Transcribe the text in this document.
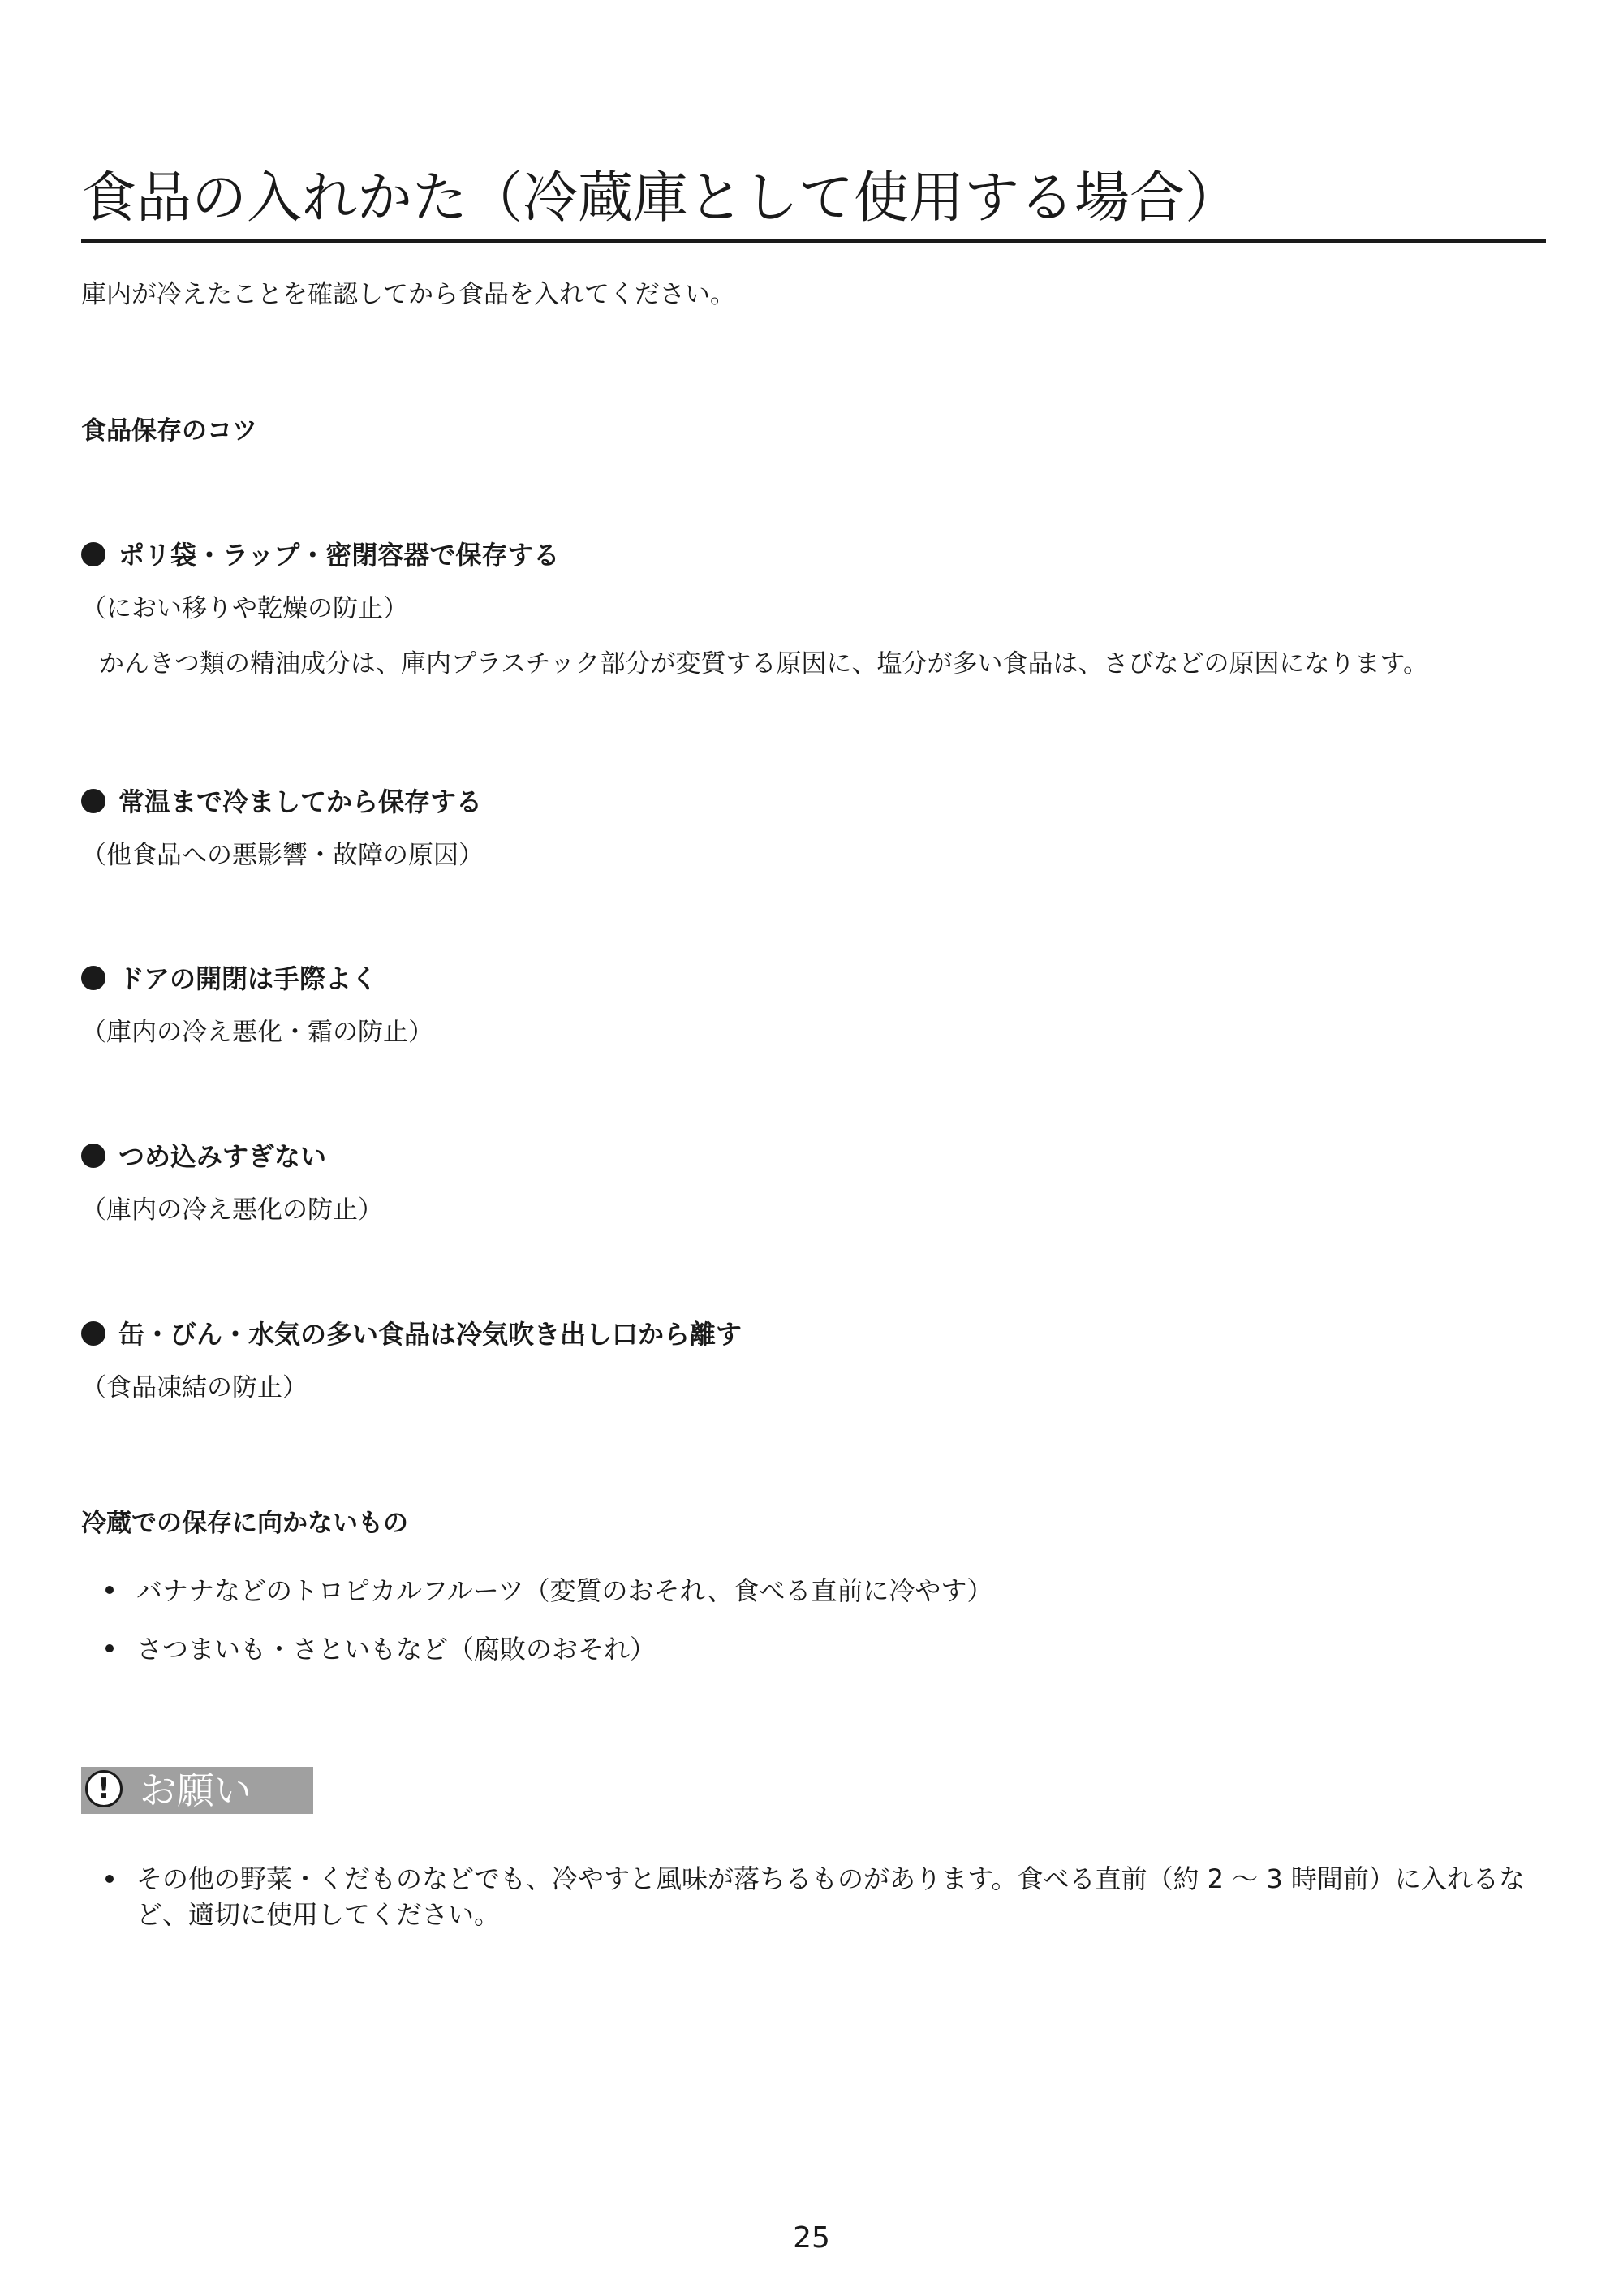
食品の入れかた（冷蔵庫として使用する場合）
庫内が冷えたことを確認してから食品を入れてください。
食品保存のコツ
ポリ袋・ラップ・密閉容器で保存する
（におい移りや乾燥の防止）
かんきつ類の精油成分は、庫内プラスチック部分が変質する原因に、塩分が多い食品は、さびなどの原因になります。
常温まで冷ましてから保存する
（他食品への悪影響・故障の原因）
ドアの開閉は手際よく
（庫内の冷え悪化・霜の防止）
つめ込みすぎない
（庫内の冷え悪化の防止）
缶・びん・水気の多い食品は冷気吹き出し口から離す
（食品凍結の防止）
冷蔵での保存に向かないもの
バナナなどのトロピカルフルーツ（変質のおそれ、食べる直前に冷やす）
さつまいも・さといもなど（腐敗のおそれ）
! お願い
その他の野菜・くだものなどでも、冷やすと風味が落ちるものがあります。食べる直前（約 2 ～ 3 時間前）に入れるなど、適切に使用してください。
25
